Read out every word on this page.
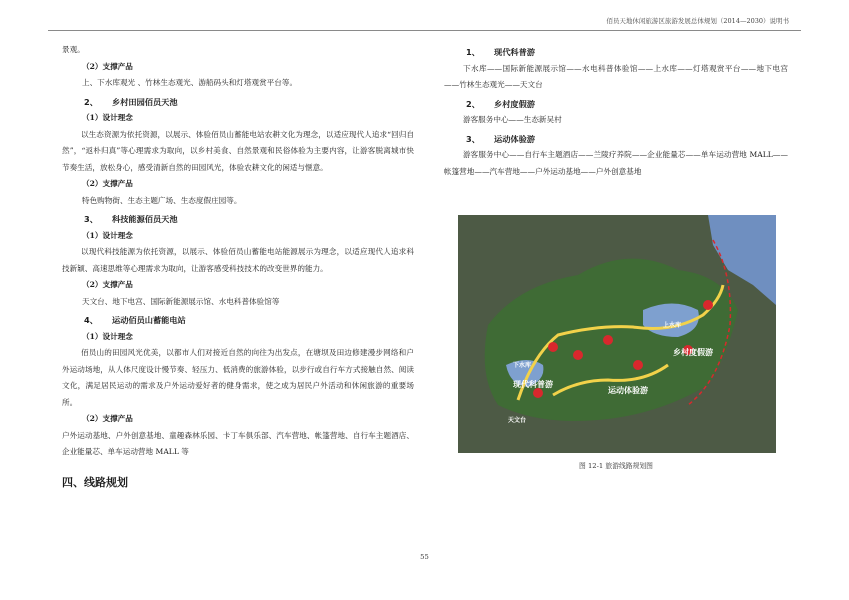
佰员天地休闲旅游区旅游发展总体规划（2014—2030）说明书

景观。

（2）支撑产品

上、下水库观光 、竹林生态观光、游船码头和灯塔观赏平台等。

2、 乡村田园佰员天池

（1）设计理念

以生态资源为依托资源，以展示、体验佰员山蓄能电站农耕文化为理念，以适应现代人追求“回归自然”，“返朴归真”等心理需求为取向，以乡村美食、自然景观和民俗体验为主要内容，让游客脱离城市快节奏生活，放松身心，感受清新自然的田园风光，体验农耕文化的闲适与惬意。

（2）支撑产品

特色购物街、生态主题广场、生态度假庄园等。

3、 科技能源佰员天池

（1）设计理念

以现代科技能源为依托资源，以展示、体验佰员山蓄能电站能源展示为理念，以适应现代人追求科技新颖、高速思维等心理需求为取向，让游客感受科技技术的改变世界的能力。

（2）支撑产品

天文台、地下电宫、国际新能源展示馆、水电科普体验馆等

4、 运动佰员山蓄能电站

（1）设计理念

佰员山的田园风光优美，以都市人们对接近自然的向往为出发点，在塘坝及田边修建漫步网络和户外运动场地，从人体尺度设计慢节奏、轻压力、低消费的旅游体验，以步行或自行车方式接触自然、阅读文化，满足居民运动的需求及户外运动爱好者的健身需求，使之成为居民户外活动和休闲旅游的重要场所。

（2）支撑产品

户外运动基地、户外创意基地、童趣森林乐园、卡丁车俱乐部、汽车营地、帐篷营地、自行车主题酒店、企业能量芯、单车运动营地 MALL 等

四、线路规划

1、 现代科普游

下水库——国际新能源展示馆——水电科普体验馆——上水库——灯塔观赏平台——地下电宫——竹林生态观光——天文台

2、 乡村度假游

游客服务中心——生态新吴村

3、 运动体验游

游客服务中心——自行车主题酒店——兰陵疗养院——企业能量芯——单车运动营地 MALL——帐篷营地——汽车营地——户外运动基地——户外创意基地

现代科普游
乡村度假游
运动体验游
上水库
下水库
天文台
图 12-1 旅游线路规划图
55
